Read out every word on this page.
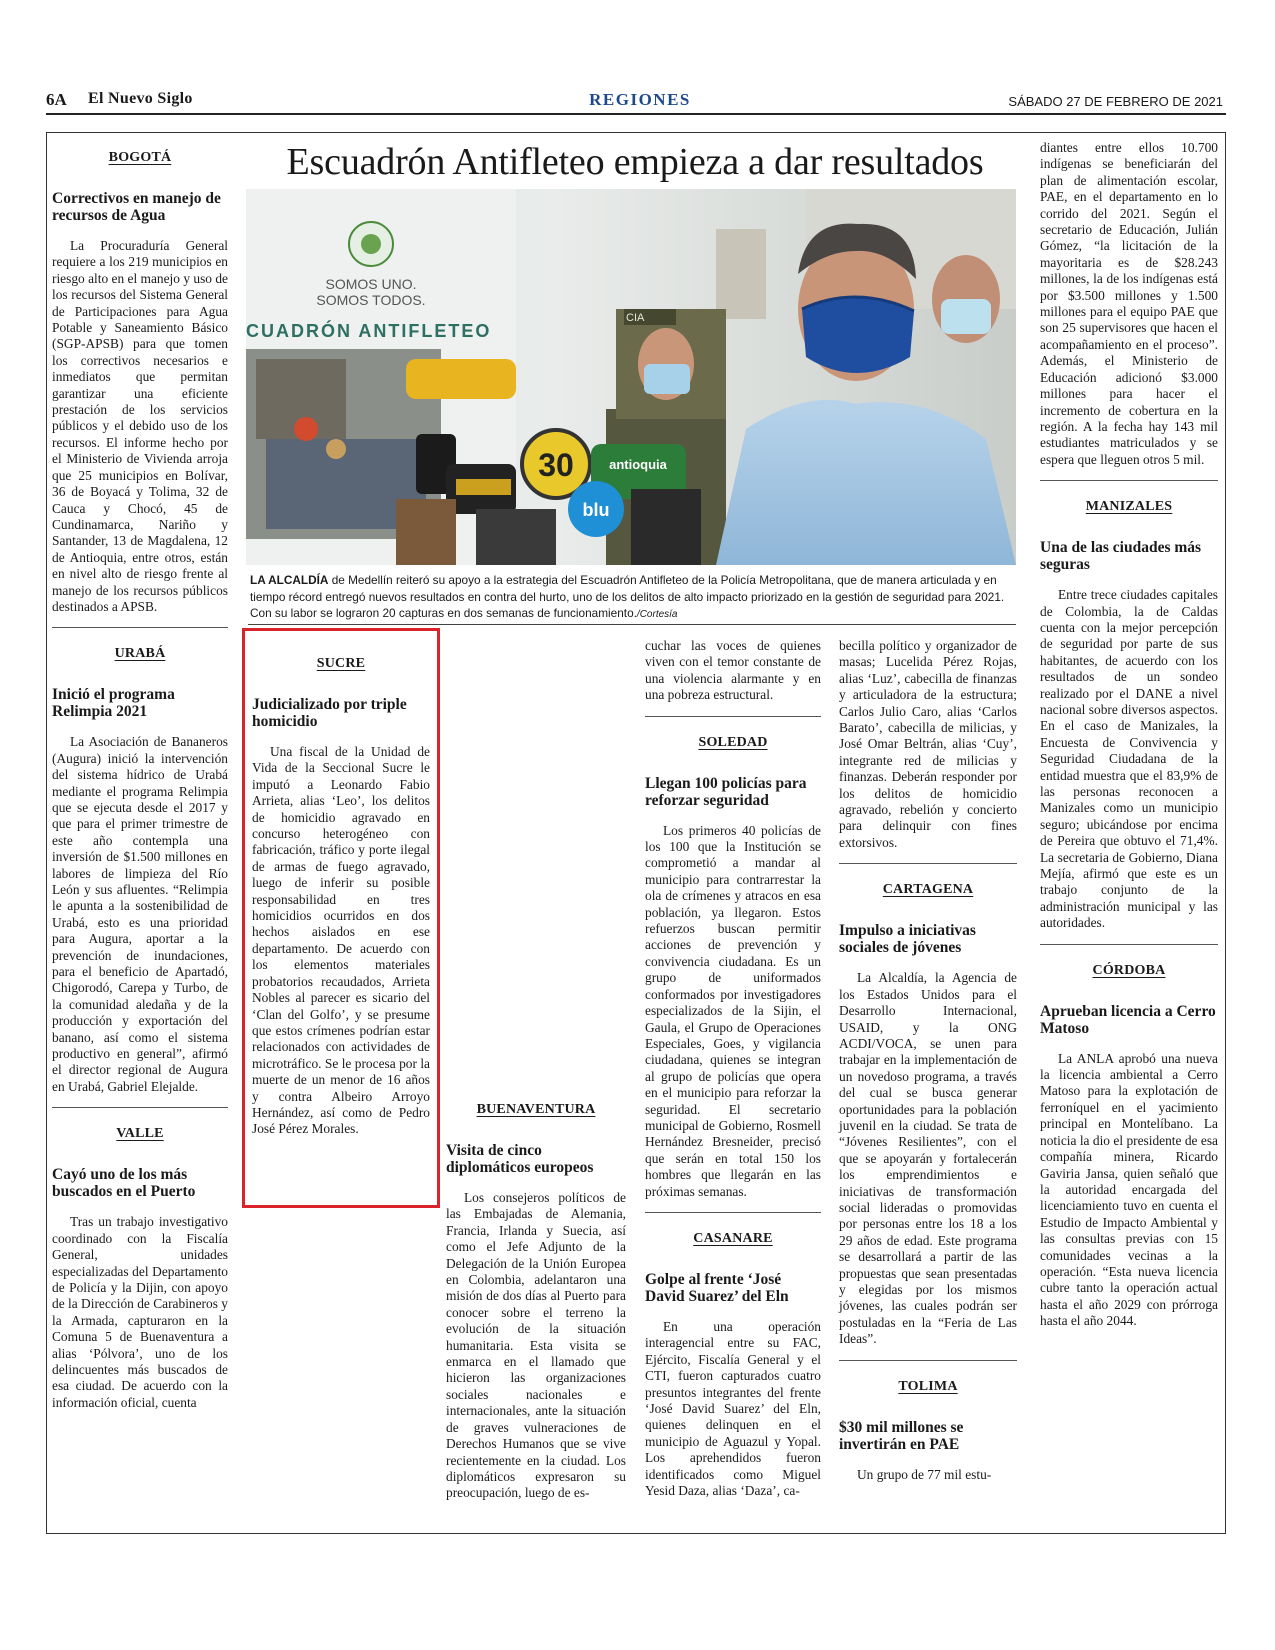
6A El Nuevo Siglo	REGIONES	SÁBADO 27 DE FEBRERO DE 2021
Escuadrón Antifleteo empieza a dar resultados
SOMOS UNO.
SOMOS TODOS.
CUADRÓN ANTIFLETEO
CIA
30	antioquia
blu
LA ALCALDÍA de Medellín reiteró su apoyo a la estrategia del Escuadrón Antifleteo de la Policía Metropolitana, que de manera articulada y en tiempo récord entregó nuevos resultados en contra del hurto, uno de los delitos de alto impacto priorizado en la gestión de seguridad para 2021. Con su labor se lograron 20 capturas en dos semanas de funcionamiento./Cortesía
BOGOTÁ
Correctivos en manejo de recursos de Agua

La Procuraduría General requiere a los 219 municipios en riesgo alto en el manejo y uso de los recursos del Sistema General de Participaciones para Agua Potable y Saneamiento Básico (SGP-APSB) para que tomen los correctivos necesarios e inmediatos que permitan garantizar una eficiente prestación de los servicios públicos y el debido uso de los recursos. El informe hecho por el Ministerio de Vivienda arroja que 25 municipios en Bolívar, 36 de Boyacá y Tolima, 32 de Cauca y Chocó, 45 de Cundinamarca, Nariño y Santander, 13 de Magdalena, 12 de Antioquia, entre otros, están en nivel alto de riesgo frente al manejo de los recursos públicos destinados a APSB.

URABÁ
Inició el programa Relimpia 2021

La Asociación de Bananeros (Augura) inició la intervención del sistema hídrico de Urabá mediante el programa Relimpia que se ejecuta desde el 2017 y que para el primer trimestre de este año contempla una inversión de $1.500 millones en labores de limpieza del Río León y sus afluentes. “Relimpia le apunta a la sostenibilidad de Urabá, esto es una prioridad para Augura, aportar a la prevención de inundaciones, para el beneficio de Apartadó, Chigorodó, Carepa y Turbo, de la comunidad aledaña y de la producción y exportación del banano, así como el sistema productivo en general”, afirmó el director regional de Augura en Urabá, Gabriel Elejalde.

VALLE
Cayó uno de los más buscados en el Puerto

Tras un trabajo investigativo coordinado con la Fiscalía General, unidades especializadas del Departamento de Policía y la Dijin, con apoyo de la Dirección de Carabineros y la Armada, capturaron en la Comuna 5 de Buenaventura a alias ‘Pólvora’, uno de los delincuentes más buscados de esa ciudad. De acuerdo con la información oficial, cuenta

SUCRE
Judicializado por triple homicidio

Una fiscal de la Unidad de Vida de la Seccional Sucre le imputó a Leonardo Fabio Arrieta, alias ‘Leo’, los delitos de homicidio agravado en concurso heterogéneo con fabricación, tráfico y porte ilegal de armas de fuego agravado, luego de inferir su posible responsabilidad en tres homicidios ocurridos en dos hechos aislados en ese departamento. De acuerdo con los elementos materiales probatorios recaudados, Arrieta Nobles al parecer es sicario del ‘Clan del Golfo’, y se presume que estos crímenes podrían estar relacionados con actividades de microtráfico. Se le procesa por la muerte de un menor de 16 años y contra Albeiro Arroyo Hernández, así como de Pedro José Pérez Morales.

BUENAVENTURA
Visita de cinco diplomáticos europeos

Los consejeros políticos de las Embajadas de Alemania, Francia, Irlanda y Suecia, así como el Jefe Adjunto de la Delegación de la Unión Europea en Colombia, adelantaron una misión de dos días al Puerto para conocer sobre el terreno la evolución de la situación humanitaria. Esta visita se enmarca en el llamado que hicieron las organizaciones sociales nacionales e internacionales, ante la situación de graves vulneraciones de Derechos Humanos que se vive recientemente en la ciudad. Los diplomáticos expresaron su preocupación, luego de es-

cuchar las voces de quienes viven con el temor constante de una violencia alarmante y en una pobreza estructural.

SOLEDAD
Llegan 100 policías para reforzar seguridad

Los primeros 40 policías de los 100 que la Institución se comprometió a mandar al municipio para contrarrestar la ola de crímenes y atracos en esa población, ya llegaron. Estos refuerzos buscan permitir acciones de prevención y convivencia ciudadana. Es un grupo de uniformados conformados por investigadores especializados de la Sijin, el Gaula, el Grupo de Operaciones Especiales, Goes, y vigilancia ciudadana, quienes se integran al grupo de policías que opera en el municipio para reforzar la seguridad. El secretario municipal de Gobierno, Rosmell Hernández Bresneider, precisó que serán en total 150 los hombres que llegarán en las próximas semanas.

CASANARE
Golpe al frente ‘José David Suarez’ del Eln

En una operación interagencial entre su FAC, Ejército, Fiscalía General y el CTI, fueron capturados cuatro presuntos integrantes del frente ‘José David Suarez’ del Eln, quienes delinquen en el municipio de Aguazul y Yopal. Los aprehendidos fueron identificados como Miguel Yesid Daza, alias ‘Daza’, ca-

becilla político y organizador de masas; Lucelida Pérez Rojas, alias ‘Luz’, cabecilla de finanzas y articuladora de la estructura; Carlos Julio Caro, alias ‘Carlos Barato’, cabecilla de milicias, y José Omar Beltrán, alias ‘Cuy’, integrante red de milicias y finanzas. Deberán responder por los delitos de homicidio agravado, rebelión y concierto para delinquir con fines extorsivos.

CARTAGENA
Impulso a iniciativas sociales de jóvenes

La Alcaldía, la Agencia de los Estados Unidos para el Desarrollo Internacional, USAID, y la ONG ACDI/VOCA, se unen para trabajar en la implementación de un novedoso programa, a través del cual se busca generar oportunidades para la población juvenil en la ciudad. Se trata de “Jóvenes Resilientes”, con el que se apoyarán y fortalecerán los emprendimientos e iniciativas de transformación social lideradas o promovidas por personas entre los 18 a los 29 años de edad. Este programa se desarrollará a partir de las propuestas que sean presentadas y elegidas por los mismos jóvenes, las cuales podrán ser postuladas en la “Feria de Las Ideas”.

TOLIMA
$30 mil millones se invertirán en PAE

Un grupo de 77 mil estu-

diantes entre ellos 10.700 indígenas se beneficiarán del plan de alimentación escolar, PAE, en el departamento en lo corrido del 2021. Según el secretario de Educación, Julián Gómez, “la licitación de la mayoritaria es de $28.243 millones, la de los indígenas está por $3.500 millones y 1.500 millones para el equipo PAE que son 25 supervisores que hacen el acompañamiento en el proceso”. Además, el Ministerio de Educación adicionó $3.000 millones para hacer el incremento de cobertura en la región. A la fecha hay 143 mil estudiantes matriculados y se espera que lleguen otros 5 mil.

MANIZALES
Una de las ciudades más seguras

Entre trece ciudades capitales de Colombia, la de Caldas cuenta con la mejor percepción de seguridad por parte de sus habitantes, de acuerdo con los resultados de un sondeo realizado por el DANE a nivel nacional sobre diversos aspectos. En el caso de Manizales, la Encuesta de Convivencia y Seguridad Ciudadana de la entidad muestra que el 83,9% de las personas reconocen a Manizales como un municipio seguro; ubicándose por encima de Pereira que obtuvo el 71,4%. La secretaria de Gobierno, Diana Mejía, afirmó que este es un trabajo conjunto de la administración municipal y las autoridades.

CÓRDOBA
Aprueban licencia a Cerro Matoso

La ANLA aprobó una nueva la licencia ambiental a Cerro Matoso para la explotación de ferroníquel en el yacimiento principal en Montelíbano. La noticia la dio el presidente de esa compañía minera, Ricardo Gaviria Jansa, quien señaló que la autoridad encargada del licenciamiento tuvo en cuenta el Estudio de Impacto Ambiental y las consultas previas con 15 comunidades vecinas a la operación. “Esta nueva licencia cubre tanto la operación actual hasta el año 2029 con prórroga hasta el año 2044.
